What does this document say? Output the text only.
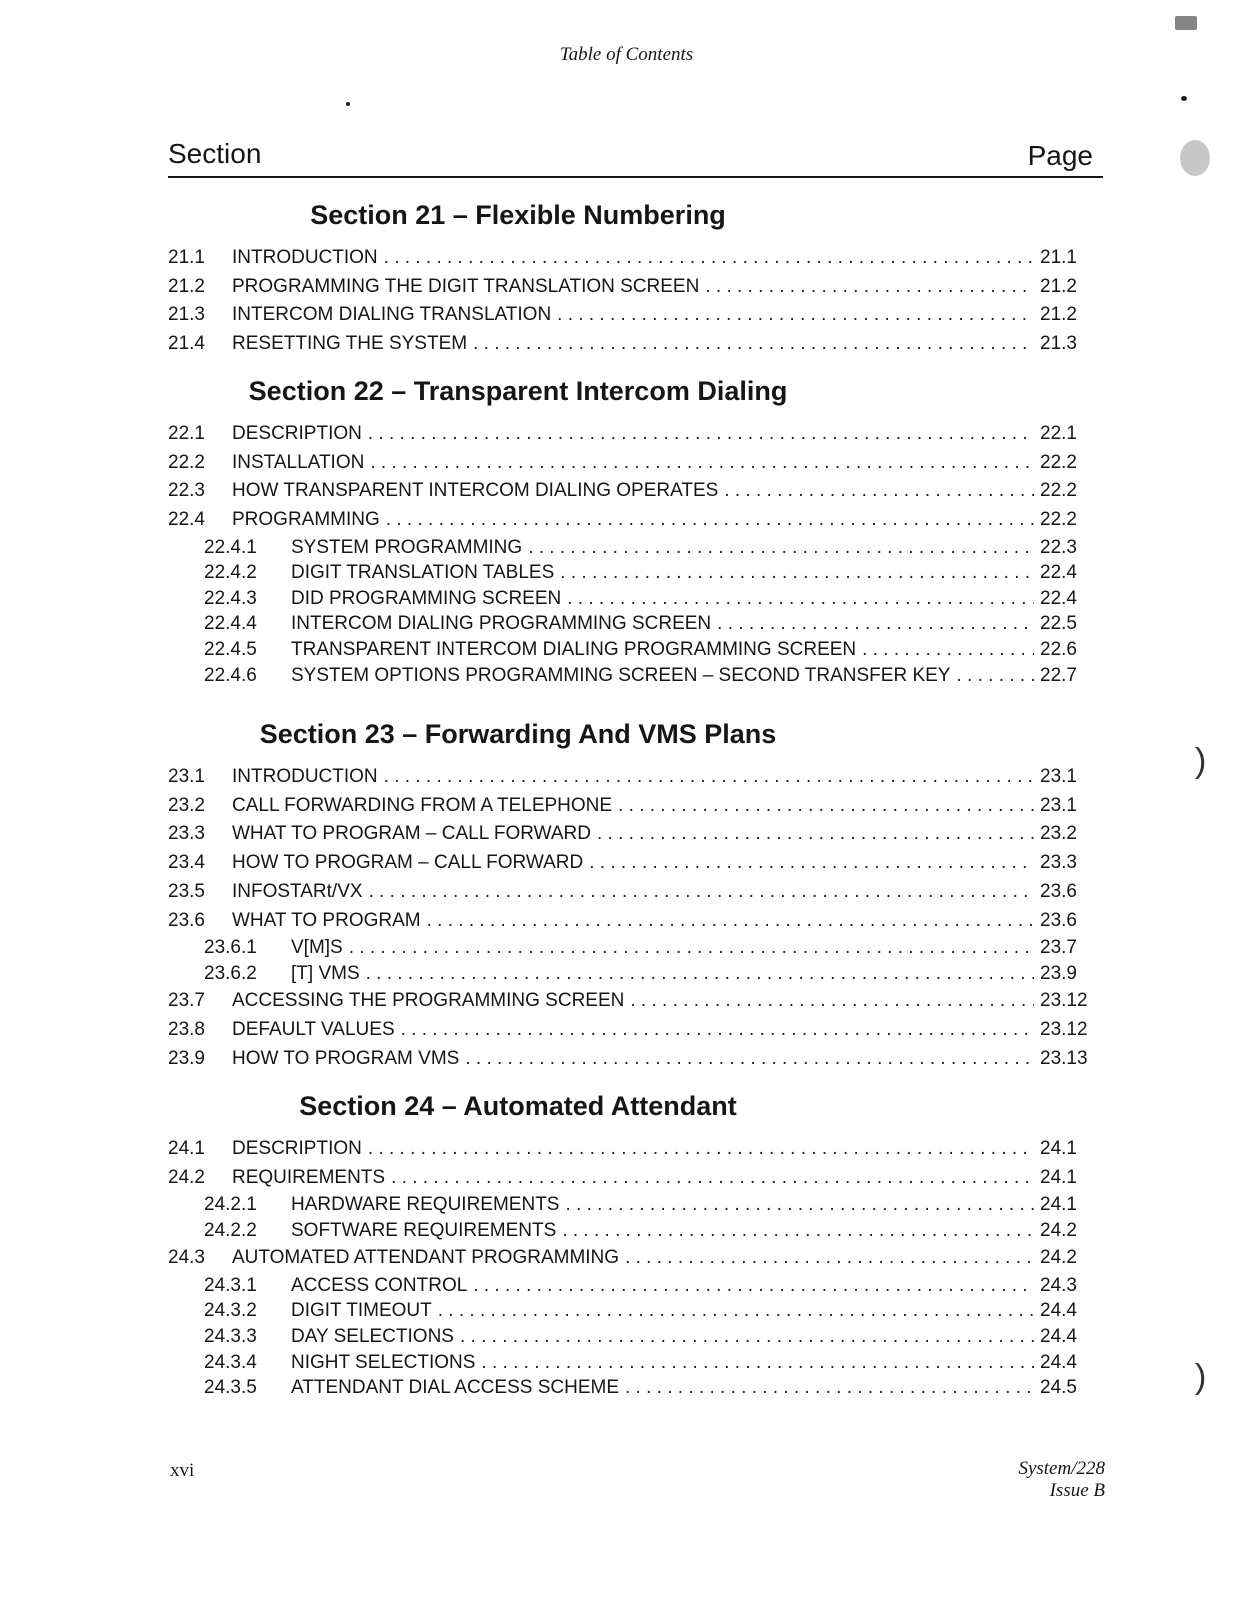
Table of Contents
Section	Page
Section 21 – Flexible Numbering
21.1	INTRODUCTION . . .	21.1
21.2	PROGRAMMING THE DIGIT TRANSLATION SCREEN . . .	21.2
21.3	INTERCOM DIALING TRANSLATION . . .	21.2
21.4	RESETTING THE SYSTEM . . .	21.3
Section 22 – Transparent Intercom Dialing
22.1	DESCRIPTION . . .	22.1
22.2	INSTALLATION . . .	22.2
22.3	HOW TRANSPARENT INTERCOM DIALING OPERATES . . .	22.2
22.4	PROGRAMMING . . .	22.2
22.4.1	SYSTEM PROGRAMMING . . .	22.3
22.4.2	DIGIT TRANSLATION TABLES . . .	22.4
22.4.3	DID PROGRAMMING SCREEN . . .	22.4
22.4.4	INTERCOM DIALING PROGRAMMING SCREEN . . .	22.5
22.4.5	TRANSPARENT INTERCOM DIALING PROGRAMMING SCREEN . . .	22.6
22.4.6	SYSTEM OPTIONS PROGRAMMING SCREEN – SECOND TRANSFER KEY . . .	22.7
Section 23 – Forwarding And VMS Plans
23.1	INTRODUCTION . . .	23.1
23.2	CALL FORWARDING FROM A TELEPHONE . . .	23.1
23.3	WHAT TO PROGRAM – CALL FORWARD . . .	23.2
23.4	HOW TO PROGRAM – CALL FORWARD . . .	23.3
23.5	INFOSTARt/VX . . .	23.6
23.6	WHAT TO PROGRAM . . .	23.6
23.6.1	V[M]S . . .	23.7
23.6.2	[T] VMS . . .	23.9
23.7	ACCESSING THE PROGRAMMING SCREEN . . .	23.12
23.8	DEFAULT VALUES . . .	23.12
23.9	HOW TO PROGRAM VMS . . .	23.13
Section 24 – Automated Attendant
24.1	DESCRIPTION . . .	24.1
24.2	REQUIREMENTS . . .	24.1
24.2.1	HARDWARE REQUIREMENTS . . .	24.1
24.2.2	SOFTWARE REQUIREMENTS . . .	24.2
24.3	AUTOMATED ATTENDANT PROGRAMMING . . .	24.2
24.3.1	ACCESS CONTROL . . .	24.3
24.3.2	DIGIT TIMEOUT . . .	24.4
24.3.3	DAY SELECTIONS . . .	24.4
24.3.4	NIGHT SELECTIONS . . .	24.4
24.3.5	ATTENDANT DIAL ACCESS SCHEME . . .	24.5
xvi	System/228
Issue B
)
)
